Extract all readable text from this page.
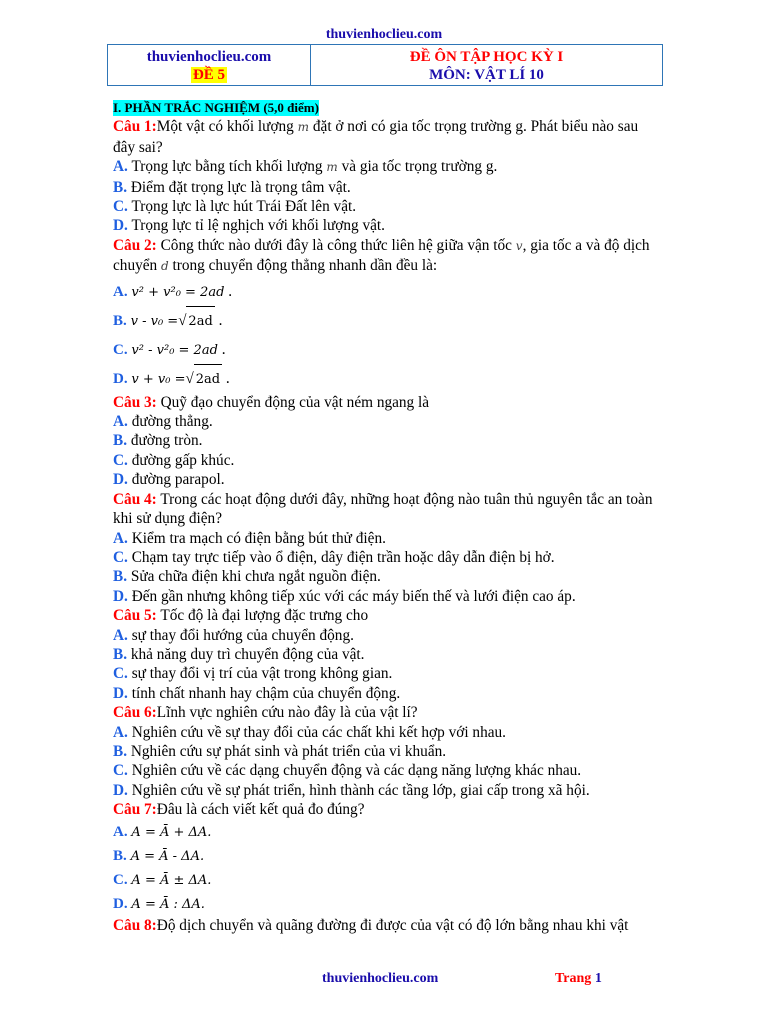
thuvienhoclieu.com
thuvienhoclieu.com
ĐỀ 5
ĐỀ ÔN TẬP HỌC KỲ I
MÔN: VẬT LÍ 10
I. PHẦN TRẮC NGHIỆM (5,0 điểm)
Câu 1:Một vật có khối lượng m đặt ở nơi có gia tốc trọng trường g. Phát biểu nào sau đây sai?
A. Trọng lực bằng tích khối lượng m và gia tốc trọng trường g.
B. Điểm đặt trọng lực là trọng tâm vật.
C. Trọng lực là lực hút Trái Đất lên vật.
D. Trọng lực tỉ lệ nghịch với khối lượng vật.
Câu 2: Công thức nào dưới đây là công thức liên hệ giữa vận tốc v, gia tốc a và độ dịch chuyển d trong chuyển động thẳng nhanh dần đều là:
A. v² + v²₀ = 2ad .
B. v - v₀ =√ 2ad .
C. v² - v²₀ = 2ad .
D. v + v₀ =√ 2ad .
Câu 3: Quỹ đạo chuyển động của vật ném ngang là
A. đường thẳng.
B. đường tròn.
C. đường gấp khúc.
D. đường parapol.
Câu 4: Trong các hoạt động dưới đây, những hoạt động nào tuân thủ nguyên tắc an toàn khi sử dụng điện?
A. Kiểm tra mạch có điện bằng bút thử điện.
C. Chạm tay trực tiếp vào ổ điện, dây điện trần hoặc dây dẫn điện bị hở.
B. Sửa chữa điện khi chưa ngắt nguồn điện.
D. Đến gần nhưng không tiếp xúc với các máy biến thế và lưới điện cao áp.
Câu 5: Tốc độ là đại lượng đặc trưng cho
A. sự thay đổi hướng của chuyển động.
B. khả năng duy trì chuyển động của vật.
C. sự thay đổi vị trí của vật trong không gian.
D. tính chất nhanh hay chậm của chuyển động.
Câu 6:Lĩnh vực nghiên cứu nào đây là của vật lí?
A. Nghiên cứu về sự thay đổi của các chất khi kết hợp với nhau.
B. Nghiên cứu sự phát sinh và phát triển của vi khuẩn.
C. Nghiên cứu về các dạng chuyển động và các dạng năng lượng khác nhau.
D. Nghiên cứu về sự phát triển, hình thành các tầng lớp, giai cấp trong xã hội.
Câu 7:Đâu là cách viết kết quả đo đúng?
A. A = Ā + ΔA.
B. A = Ā - ΔA.
C. A = Ā ± ΔA.
D. A = Ā : ΔA.
Câu 8:Độ dịch chuyển và quãng đường đi được của vật có độ lớn bằng nhau khi vật
thuvienhoclieu.com	Trang 1
